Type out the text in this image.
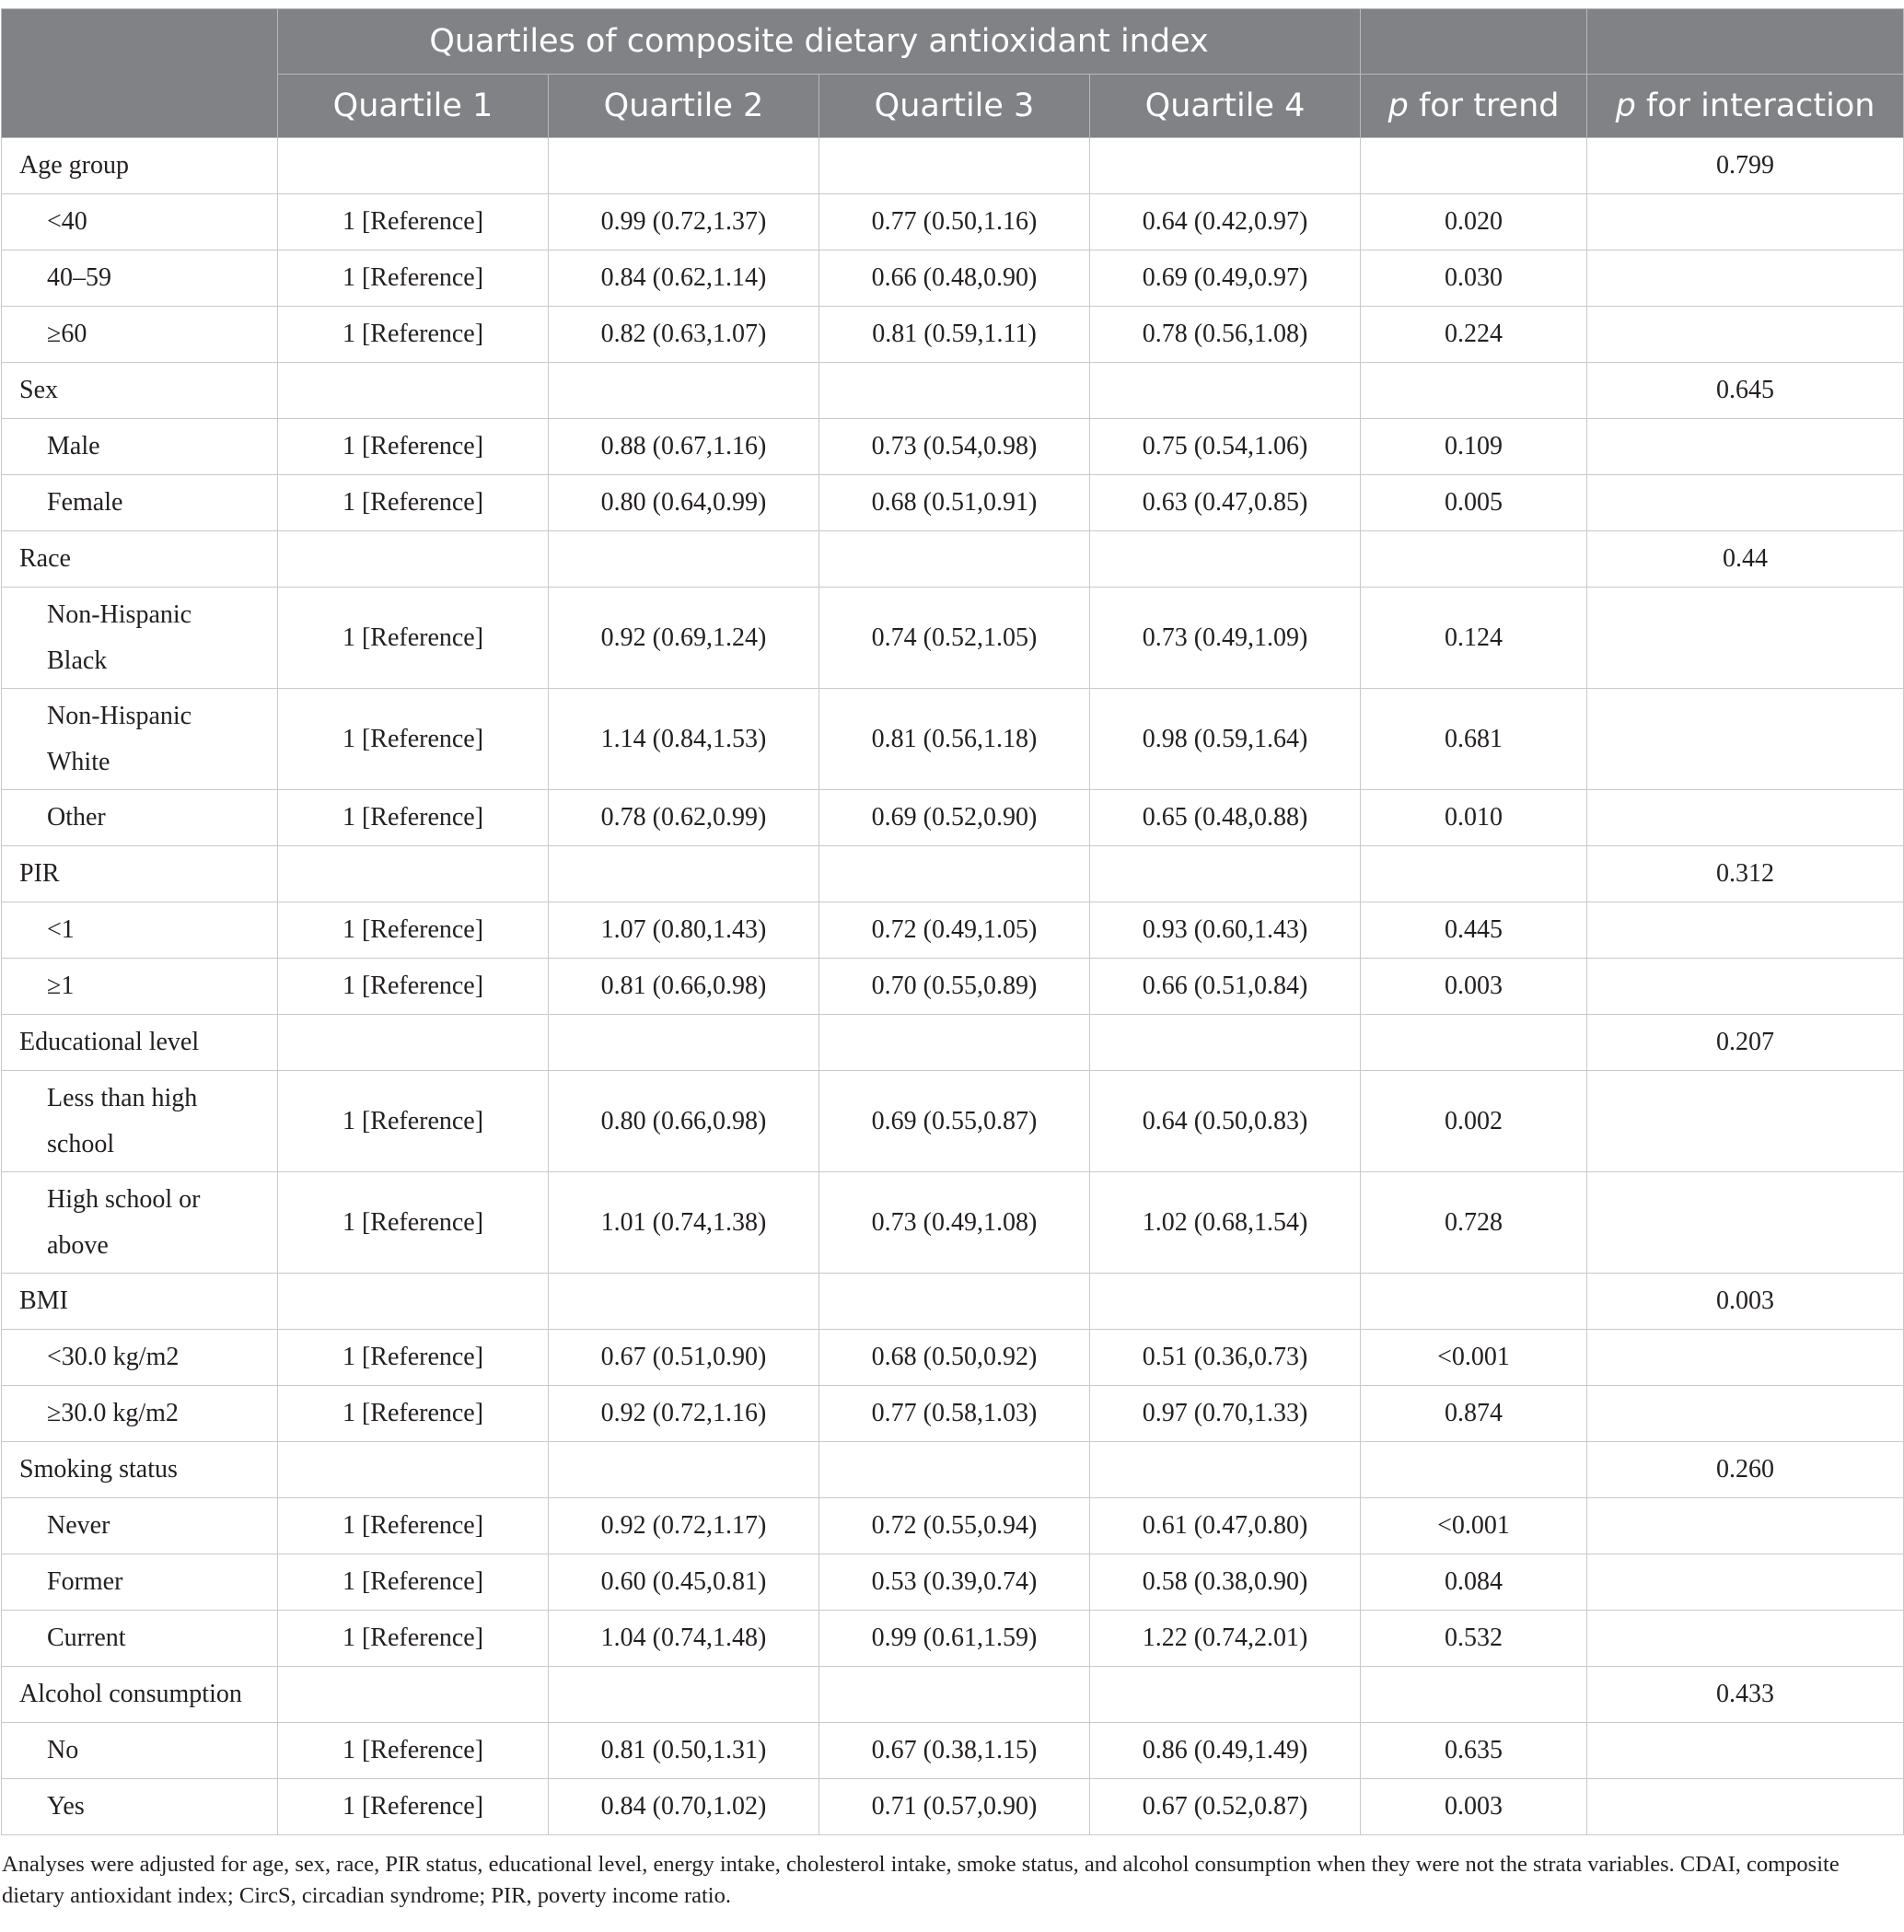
	Quartiles of composite dietary antioxidant index					
	Quartile 1	Quartile 2	Quartile 3	Quartile 4	p for trend	p for interaction
Age group						0.799
<40	1 [Reference]	0.99 (0.72,1.37)	0.77 (0.50,1.16)	0.64 (0.42,0.97)	0.020	
40–59	1 [Reference]	0.84 (0.62,1.14)	0.66 (0.48,0.90)	0.69 (0.49,0.97)	0.030	
≥60	1 [Reference]	0.82 (0.63,1.07)	0.81 (0.59,1.11)	0.78 (0.56,1.08)	0.224	
Sex						0.645
Male	1 [Reference]	0.88 (0.67,1.16)	0.73 (0.54,0.98)	0.75 (0.54,1.06)	0.109	
Female	1 [Reference]	0.80 (0.64,0.99)	0.68 (0.51,0.91)	0.63 (0.47,0.85)	0.005	
Race						0.44
Non-Hispanic
Black	1 [Reference]	0.92 (0.69,1.24)	0.74 (0.52,1.05)	0.73 (0.49,1.09)	0.124	
Non-Hispanic
White	1 [Reference]	1.14 (0.84,1.53)	0.81 (0.56,1.18)	0.98 (0.59,1.64)	0.681	
Other	1 [Reference]	0.78 (0.62,0.99)	0.69 (0.52,0.90)	0.65 (0.48,0.88)	0.010	
PIR						0.312
<1	1 [Reference]	1.07 (0.80,1.43)	0.72 (0.49,1.05)	0.93 (0.60,1.43)	0.445	
≥1	1 [Reference]	0.81 (0.66,0.98)	0.70 (0.55,0.89)	0.66 (0.51,0.84)	0.003	
Educational level						0.207
Less than high
school	1 [Reference]	0.80 (0.66,0.98)	0.69 (0.55,0.87)	0.64 (0.50,0.83)	0.002	
High school or
above	1 [Reference]	1.01 (0.74,1.38)	0.73 (0.49,1.08)	1.02 (0.68,1.54)	0.728	
BMI						0.003
<30.0 kg/m2	1 [Reference]	0.67 (0.51,0.90)	0.68 (0.50,0.92)	0.51 (0.36,0.73)	<0.001	
≥30.0 kg/m2	1 [Reference]	0.92 (0.72,1.16)	0.77 (0.58,1.03)	0.97 (0.70,1.33)	0.874	
Smoking status						0.260
Never	1 [Reference]	0.92 (0.72,1.17)	0.72 (0.55,0.94)	0.61 (0.47,0.80)	<0.001	
Former	1 [Reference]	0.60 (0.45,0.81)	0.53 (0.39,0.74)	0.58 (0.38,0.90)	0.084	
Current	1 [Reference]	1.04 (0.74,1.48)	0.99 (0.61,1.59)	1.22 (0.74,2.01)	0.532	
Alcohol consumption						0.433
No	1 [Reference]	0.81 (0.50,1.31)	0.67 (0.38,1.15)	0.86 (0.49,1.49)	0.635	
Yes	1 [Reference]	0.84 (0.70,1.02)	0.71 (0.57,0.90)	0.67 (0.52,0.87)	0.003	
Analyses were adjusted for age, sex, race, PIR status, educational level, energy intake, cholesterol intake, smoke status, and alcohol consumption when they were not the strata variables. CDAI, composite dietary antioxidant index; CircS, circadian syndrome; PIR, poverty income ratio.
